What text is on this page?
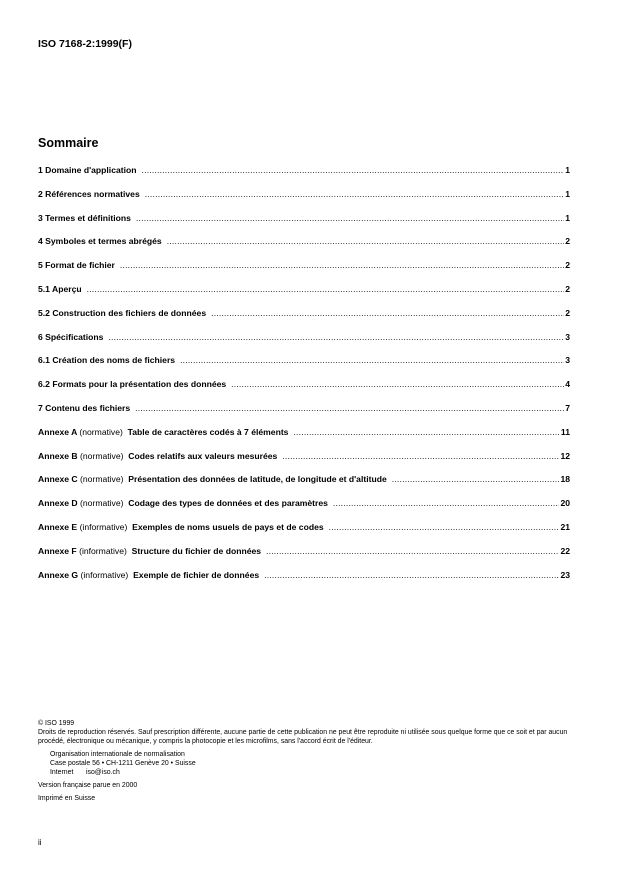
ISO 7168-2:1999(F)
Sommaire
1 Domaine d'application .....	1
2 Références normatives .....	1
3 Termes et définitions .....	1
4 Symboles et termes abrégés .....	2
5 Format de fichier .....	2
5.1 Aperçu .....	2
5.2 Construction des fichiers de données .....	2
6 Spécifications .....	3
6.1 Création des noms de fichiers .....	3
6.2 Formats pour la présentation des données .....	4
7 Contenu des fichiers .....	7
Annexe A (normative) Table de caractères codés à 7 éléments .....	11
Annexe B (normative) Codes relatifs aux valeurs mesurées .....	12
Annexe C (normative) Présentation des données de latitude, de longitude et d'altitude .....	18
Annexe D (normative) Codage des types de données et des paramètres .....	20
Annexe E (informative) Exemples de noms usuels de pays et de codes .....	21
Annexe F (informative) Structure du fichier de données .....	22
Annexe G (informative) Exemple de fichier de données .....	23

© ISO 1999

Droits de reproduction réservés. Sauf prescription différente, aucune partie de cette publication ne peut être reproduite ni utilisée sous quelque forme que ce soit et par aucun procédé, électronique ou mécanique, y compris la photocopie et les microfilms, sans l'accord écrit de l'éditeur.

Organisation internationale de normalisation

Case postale 56 • CH-1211 Genève 20 • Suisse

Internet iso@iso.ch

Version française parue en 2000

Imprimé en Suisse

ii
